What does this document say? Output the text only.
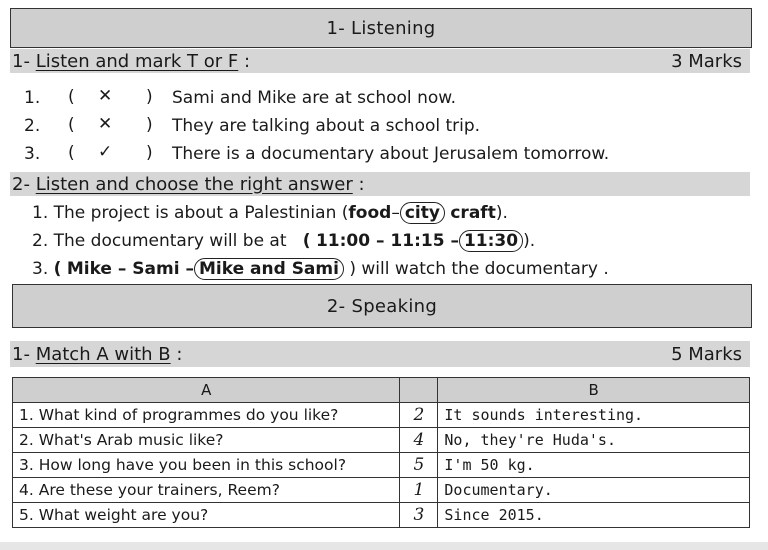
1- Listening
1-
Listen and mark T or F
:	3 Marks
1.	( ✕ ) Sami and Mike are at school now.
2.	( ✕ ) They are talking about a school trip.
3.	( ✓ ) There is a documentary about Jerusalem tomorrow.
2-
Listen and choose the right answer
:
1.
The project is about a Palestinian ( food – city
craft ).
2.
The documentary will be at
(
11:00 – 11:15 – 11:30 ).
3.
(
Mike – Sami – Mike and Sami
) will watch the documentary .
2- Speaking
1-
Match A with B
:	5 Marks
A		B
1. What kind of programmes do you like?	2	It sounds interesting.
2. What's Arab music like?	4	No, they're Huda's.
3. How long have you been in this school?	5	I'm 50 kg.
4. Are these your trainers, Reem?	1	Documentary.
5. What weight are you?	3	Since 2015.
